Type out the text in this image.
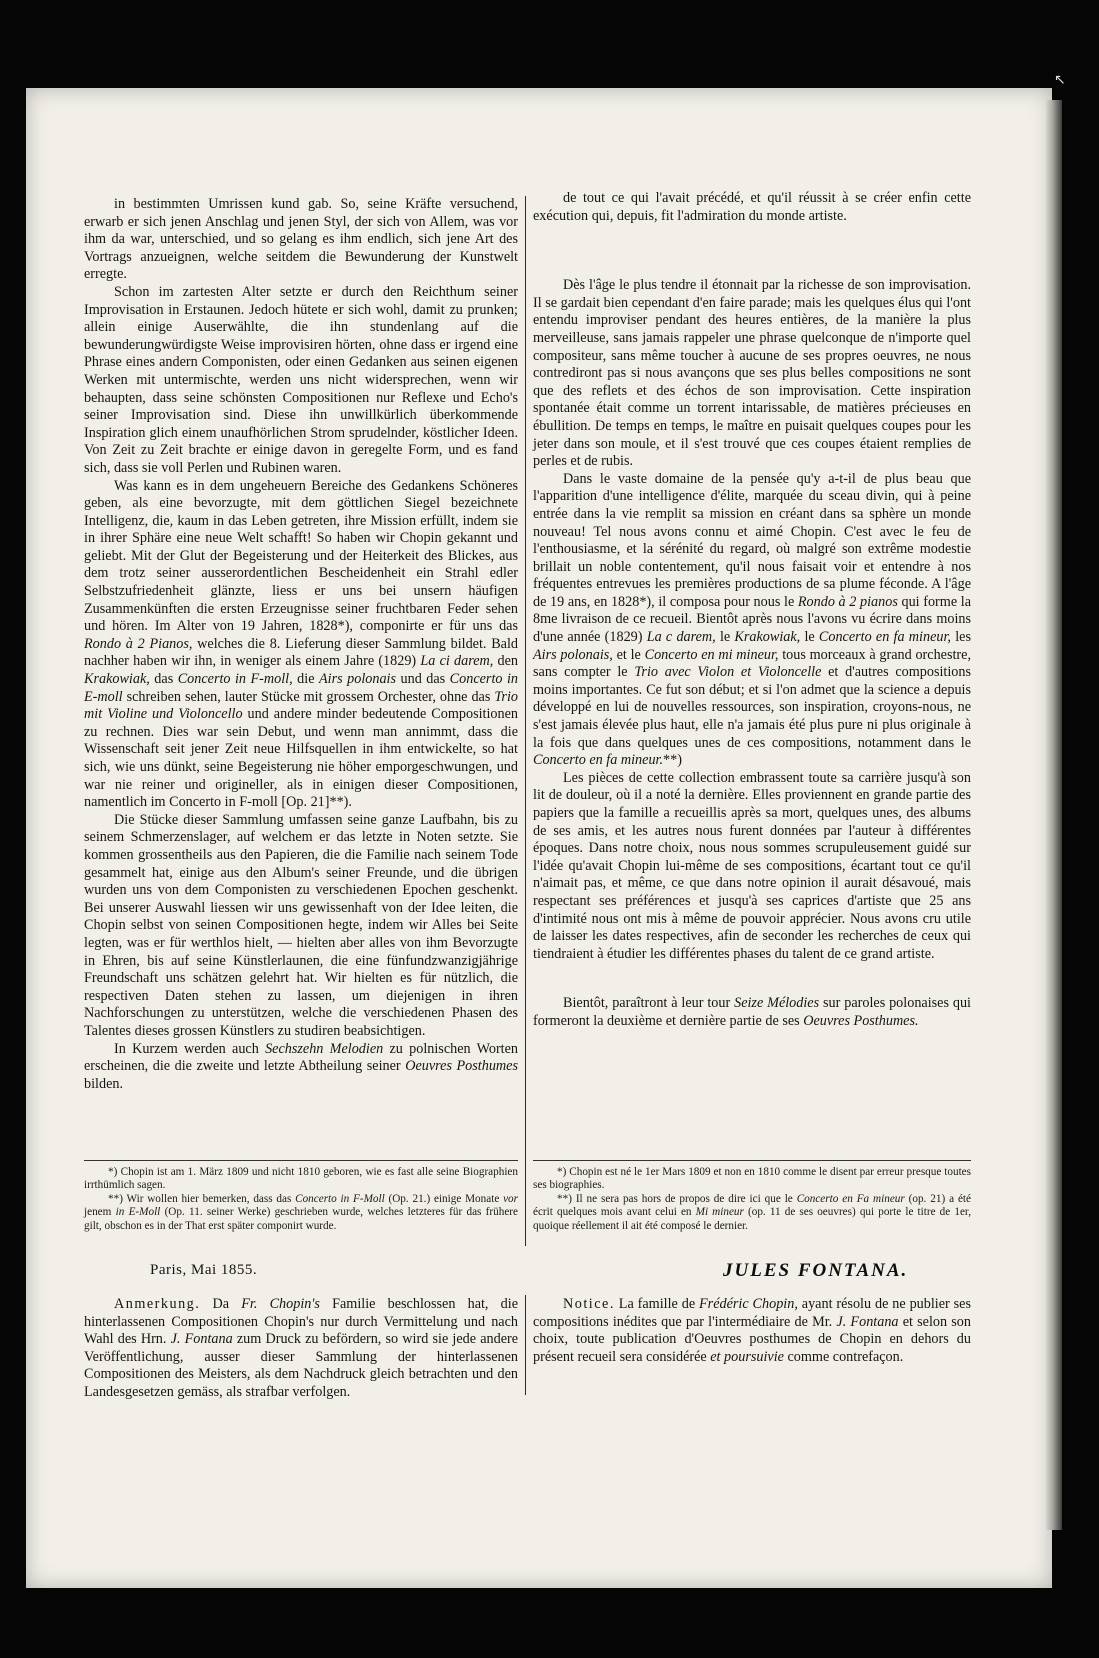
↖

in bestimmten Umrissen kund gab. So, seine Kräfte versuchend, erwarb er sich jenen Anschlag und jenen Styl, der sich von Allem, was vor ihm da war, unterschied, und so gelang es ihm endlich, sich jene Art des Vortrags anzueignen, welche seitdem die Bewunderung der Kunstwelt erregte.

Schon im zartesten Alter setzte er durch den Reichthum seiner Improvisation in Erstaunen. Jedoch hütete er sich wohl, damit zu prunken; allein einige Auserwählte, die ihn stundenlang auf die bewunderungwürdigste Weise improvisiren hörten, ohne dass er irgend eine Phrase eines andern Componisten, oder einen Gedanken aus seinen eigenen Werken mit untermischte, werden uns nicht widersprechen, wenn wir behaupten, dass seine schönsten Compositionen nur Reflexe und Echo's seiner Improvisation sind. Diese ihn unwillkürlich überkommende Inspiration glich einem unaufhörlichen Strom sprudelnder, köstlicher Ideen. Von Zeit zu Zeit brachte er einige davon in geregelte Form, und es fand sich, dass sie voll Perlen und Rubinen waren.

Was kann es in dem ungeheuern Bereiche des Gedankens Schöneres geben, als eine bevorzugte, mit dem göttlichen Siegel bezeichnete Intelligenz, die, kaum in das Leben getreten, ihre Mission erfüllt, indem sie in ihrer Sphäre eine neue Welt schafft! So haben wir Chopin gekannt und geliebt. Mit der Glut der Begeisterung und der Heiterkeit des Blickes, aus dem trotz seiner ausserordentlichen Bescheidenheit ein Strahl edler Selbstzufriedenheit glänzte, liess er uns bei unsern häufigen Zusammenkünften die ersten Erzeugnisse seiner fruchtbaren Feder sehen und hören. Im Alter von 19 Jahren, 1828*), componirte er für uns das Rondo à 2 Pianos, welches die 8. Lieferung dieser Sammlung bildet. Bald nachher haben wir ihn, in weniger als einem Jahre (1829) La ci darem, den Krakowiak, das Concerto in F-moll, die Airs polonais und das Concerto in E-moll schreiben sehen, lauter Stücke mit grossem Orchester, ohne das Trio mit Violine und Violoncello und andere minder bedeutende Compositionen zu rechnen. Dies war sein Debut, und wenn man annimmt, dass die Wissenschaft seit jener Zeit neue Hilfsquellen in ihm entwickelte, so hat sich, wie uns dünkt, seine Begeisterung nie höher emporgeschwungen, und war nie reiner und origineller, als in einigen dieser Compositionen, namentlich im Concerto in F-moll [Op. 21]**).

Die Stücke dieser Sammlung umfassen seine ganze Laufbahn, bis zu seinem Schmerzenslager, auf welchem er das letzte in Noten setzte. Sie kommen grossentheils aus den Papieren, die die Familie nach seinem Tode gesammelt hat, einige aus den Album's seiner Freunde, und die übrigen wurden uns von dem Componisten zu verschiedenen Epochen geschenkt. Bei unserer Auswahl liessen wir uns gewissenhaft von der Idee leiten, die Chopin selbst von seinen Compositionen hegte, indem wir Alles bei Seite legten, was er für werthlos hielt, — hielten aber alles von ihm Bevorzugte in Ehren, bis auf seine Künstlerlaunen, die eine fünfundzwanzigjährige Freundschaft uns schätzen gelehrt hat. Wir hielten es für nützlich, die respectiven Daten stehen zu lassen, um diejenigen in ihren Nachforschungen zu unterstützen, welche die verschiedenen Phasen des Talentes dieses grossen Künstlers zu studiren beabsichtigen.

In Kurzem werden auch Sechszehn Melodien zu polnischen Worten erscheinen, die die zweite und letzte Abtheilung seiner Oeuvres Posthumes bilden.

de tout ce qui l'avait précédé, et qu'il réussit à se créer enfin cette exécution qui, depuis, fit l'admiration du monde artiste.

Dès l'âge le plus tendre il étonnait par la richesse de son improvisation. Il se gardait bien cependant d'en faire parade; mais les quelques élus qui l'ont entendu improviser pendant des heures entières, de la manière la plus merveilleuse, sans jamais rappeler une phrase quelconque de n'importe quel compositeur, sans même toucher à aucune de ses propres oeuvres, ne nous contrediront pas si nous avançons que ses plus belles compositions ne sont que des reflets et des échos de son improvisation. Cette inspiration spontanée était comme un torrent intarissable, de matières précieuses en ébullition. De temps en temps, le maître en puisait quelques coupes pour les jeter dans son moule, et il s'est trouvé que ces coupes étaient remplies de perles et de rubis.

Dans le vaste domaine de la pensée qu'y a-t-il de plus beau que l'apparition d'une intelligence d'élite, marquée du sceau divin, qui à peine entrée dans la vie remplit sa mission en créant dans sa sphère un monde nouveau! Tel nous avons connu et aimé Chopin. C'est avec le feu de l'enthousiasme, et la sérénité du regard, où malgré son extrême modestie brillait un noble contentement, qu'il nous faisait voir et entendre à nos fréquentes entrevues les premières productions de sa plume féconde. A l'âge de 19 ans, en 1828*), il composa pour nous le Rondo à 2 pianos qui forme la 8me livraison de ce recueil. Bientôt après nous l'avons vu écrire dans moins d'une année (1829) La c darem, le Krakowiak, le Concerto en fa mineur, les Airs polonais, et le Concerto en mi mineur, tous morceaux à grand orchestre, sans compter le Trio avec Violon et Violoncelle et d'autres compositions moins importantes. Ce fut son début; et si l'on admet que la science a depuis développé en lui de nouvelles ressources, son inspiration, croyons-nous, ne s'est jamais élevée plus haut, elle n'a jamais été plus pure ni plus originale à la fois que dans quelques unes de ces compositions, notamment dans le Concerto en fa mineur.**)

Les pièces de cette collection embrassent toute sa carrière jusqu'à son lit de douleur, où il a noté la dernière. Elles proviennent en grande partie des papiers que la famille a recueillis après sa mort, quelques unes, des albums de ses amis, et les autres nous furent données par l'auteur à différentes époques. Dans notre choix, nous nous sommes scrupuleusement guidé sur l'idée qu'avait Chopin lui-même de ses compositions, écartant tout ce qu'il n'aimait pas, et même, ce que dans notre opinion il aurait désavoué, mais respectant ses préférences et jusqu'à ses caprices d'artiste que 25 ans d'intimité nous ont mis à même de pouvoir apprécier. Nous avons cru utile de laisser les dates respectives, afin de seconder les recherches de ceux qui tiendraient à étudier les différentes phases du talent de ce grand artiste.

Bientôt, paraîtront à leur tour Seize Mélodies sur paroles polonaises qui formeront la deuxième et dernière partie de ses Oeuvres Posthumes.

*) Chopin ist am 1. März 1809 und nicht 1810 geboren, wie es fast alle seine Biographien irrthümlich sagen.

**) Wir wollen hier bemerken, dass das Concerto in F-Moll (Op. 21.) einige Monate vor jenem in E-Moll (Op. 11. seiner Werke) geschrieben wurde, welches letzteres für das frühere gilt, obschon es in der That erst später componirt wurde.

*) Chopin est né le 1er Mars 1809 et non en 1810 comme le disent par erreur presque toutes ses biographies.

**) Il ne sera pas hors de propos de dire ici que le Concerto en Fa mineur (op. 21) a été écrit quelques mois avant celui en Mi mineur (op. 11 de ses oeuvres) qui porte le titre de 1er, quoique réellement il ait été composé le dernier.

Paris, Mai 1855.	JULES FONTANA.

Anmerkung. Da Fr. Chopin's Familie beschlossen hat, die hinterlassenen Compositionen Chopin's nur durch Vermittelung und nach Wahl des Hrn. J. Fontana zum Druck zu befördern, so wird sie jede andere Veröffentlichung, ausser dieser Sammlung der hinterlassenen Compositionen des Meisters, als dem Nachdruck gleich betrachten und den Landesgesetzen gemäss, als strafbar verfolgen.

Notice. La famille de Frédéric Chopin, ayant résolu de ne publier ses compositions inédites que par l'intermédiaire de Mr. J. Fontana et selon son choix, toute publication d'Oeuvres posthumes de Chopin en dehors du présent recueil sera considérée et poursuivie comme contrefaçon.
